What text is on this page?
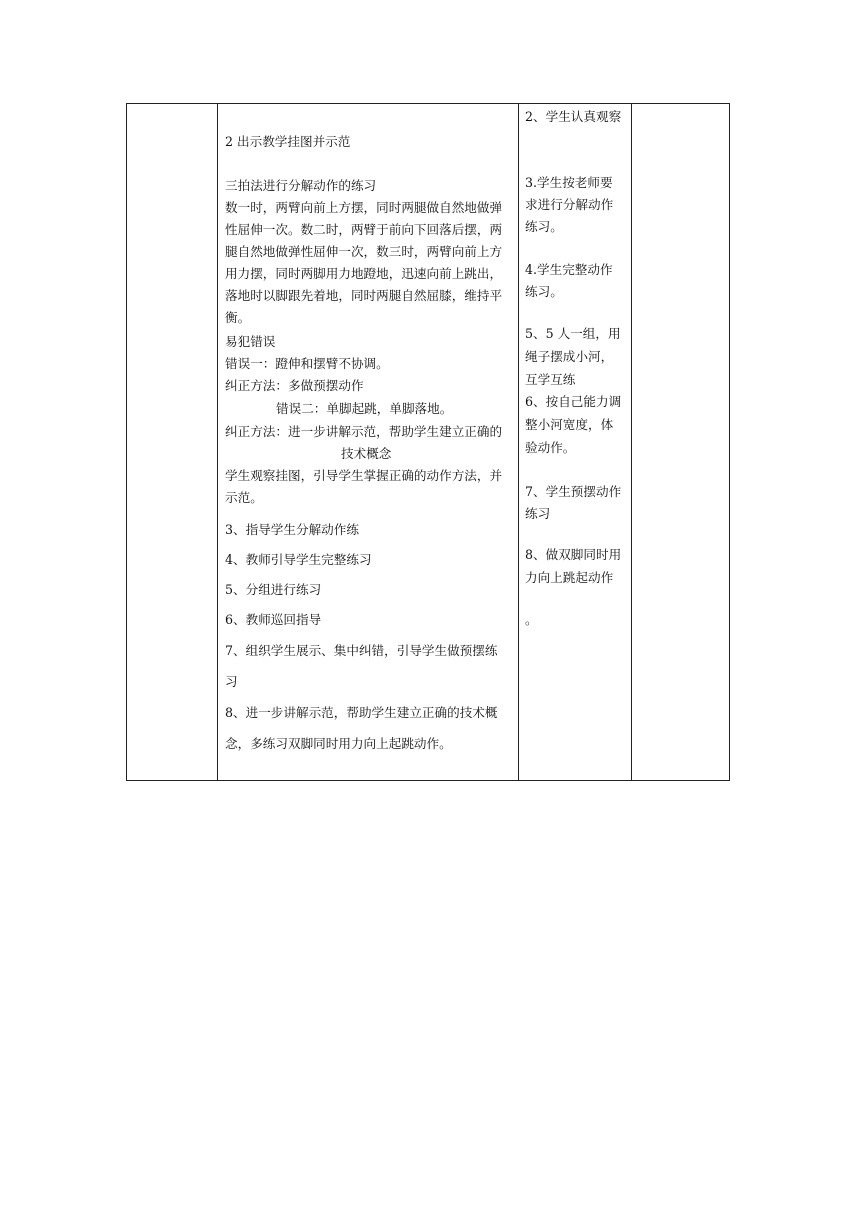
2 出示教学挂图并示范

三拍法进行分解动作的练习

数一时，两臂向前上方摆，同时两腿做自然地做弹

性屈伸一次。数二时，两臂于前向下回落后摆，两

腿自然地做弹性屈伸一次，数三时，两臂向前上方

用力摆，同时两脚用力地蹬地，迅速向前上跳出，

落地时以脚跟先着地，同时两腿自然屈膝，维持平

衡。

易犯错误

错误一：蹬伸和摆臂不协调。

纠正方法：多做预摆动作

错误二：单脚起跳，单脚落地。

纠正方法：进一步讲解示范，帮助学生建立正确的

技术概念

学生观察挂图，引导学生掌握正确的动作方法，并

示范。

3、指导学生分解动作练

4、教师引导学生完整练习

5、分组进行练习

6、教师巡回指导

7、组织学生展示、集中纠错，引导学生做预摆练

习

8、进一步讲解示范，帮助学生建立正确的技术概

念，多练习双脚同时用力向上起跳动作。

2、学生认真观察

3.学生按老师要

求进行分解动作

练习。

4.学生完整动作

练习。

5、5 人一组，用

绳子摆成小河，

互学互练

6、按自己能力调

整小河宽度，体

验动作。

7、学生预摆动作

练习

8、做双脚同时用

力向上跳起动作

。
